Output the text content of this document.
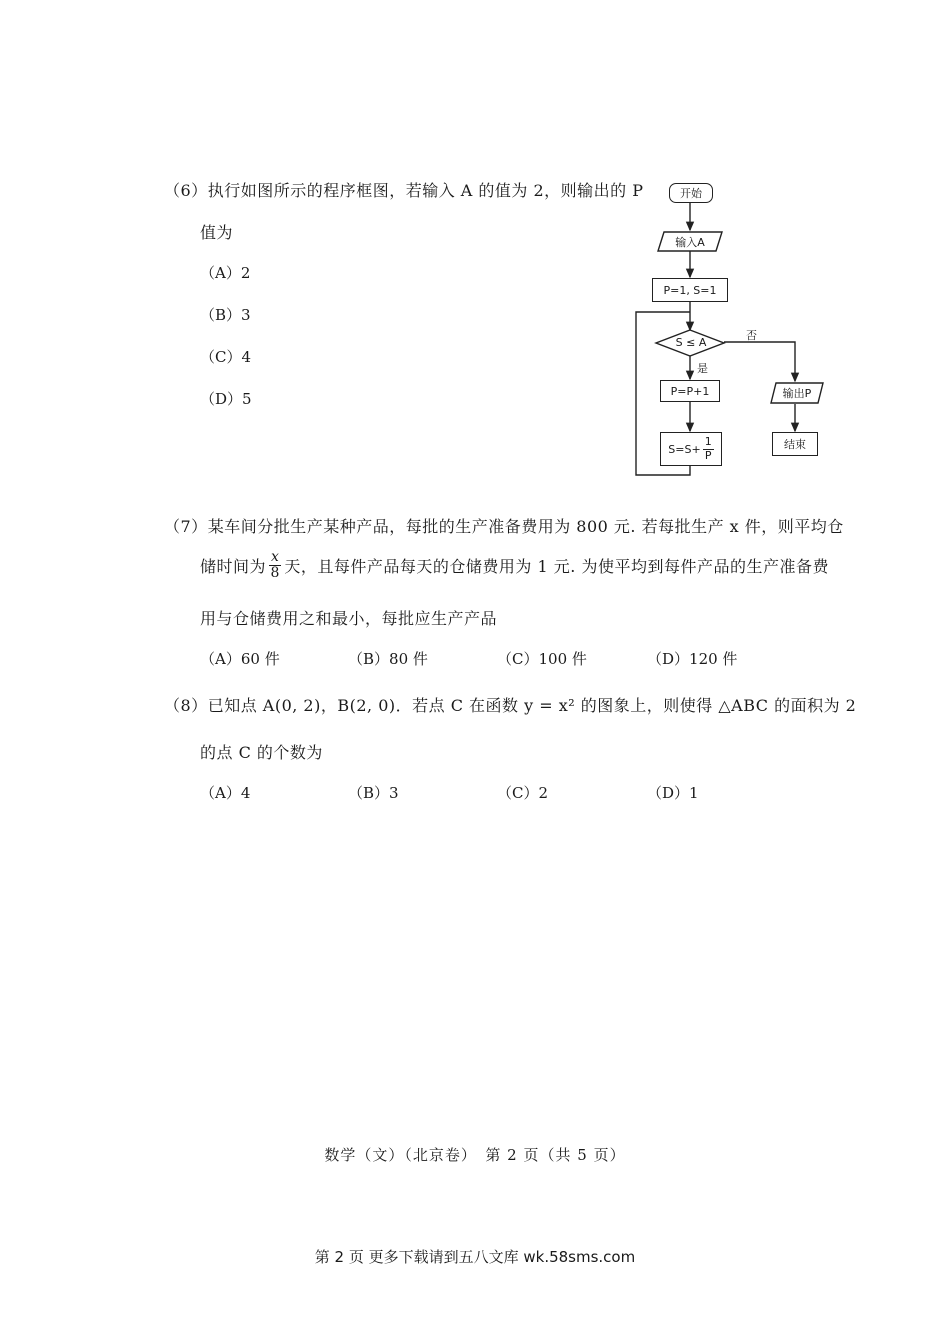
（6）执行如图所示的程序框图，若输入 A 的值为 2，则输出的 P
值为
（A）2
（B）3
（C）4
（D）5
开始
输入A
P=1, S=1
S ≤ A
是
否
P=P+1
$S=S+ \frac{1}{P}$
输出P
结束
（7）某车间分批生产某种产品，每批的生产准备费用为 800 元. 若每批生产 x 件，则平均仓
储时间为 $\frac{x}{8}$ 天，且每件产品每天的仓储费用为 1 元. 为使平均到每件产品的生产准备费
用与仓储费用之和最小，每批应生产产品
（A）60 件	（B）80 件	（C）100 件	（D）120 件
（8）已知点 A(0, 2)，B(2, 0)．若点 C 在函数 y = x² 的图象上，则使得 △ABC 的面积为 2
的点 C 的个数为
（A）4	（B）3	（C）2	（D）1
数学（文）（北京卷）　第 2 页（共 5 页）
第 2 页 更多下载请到五八文库 wk.58sms.com
